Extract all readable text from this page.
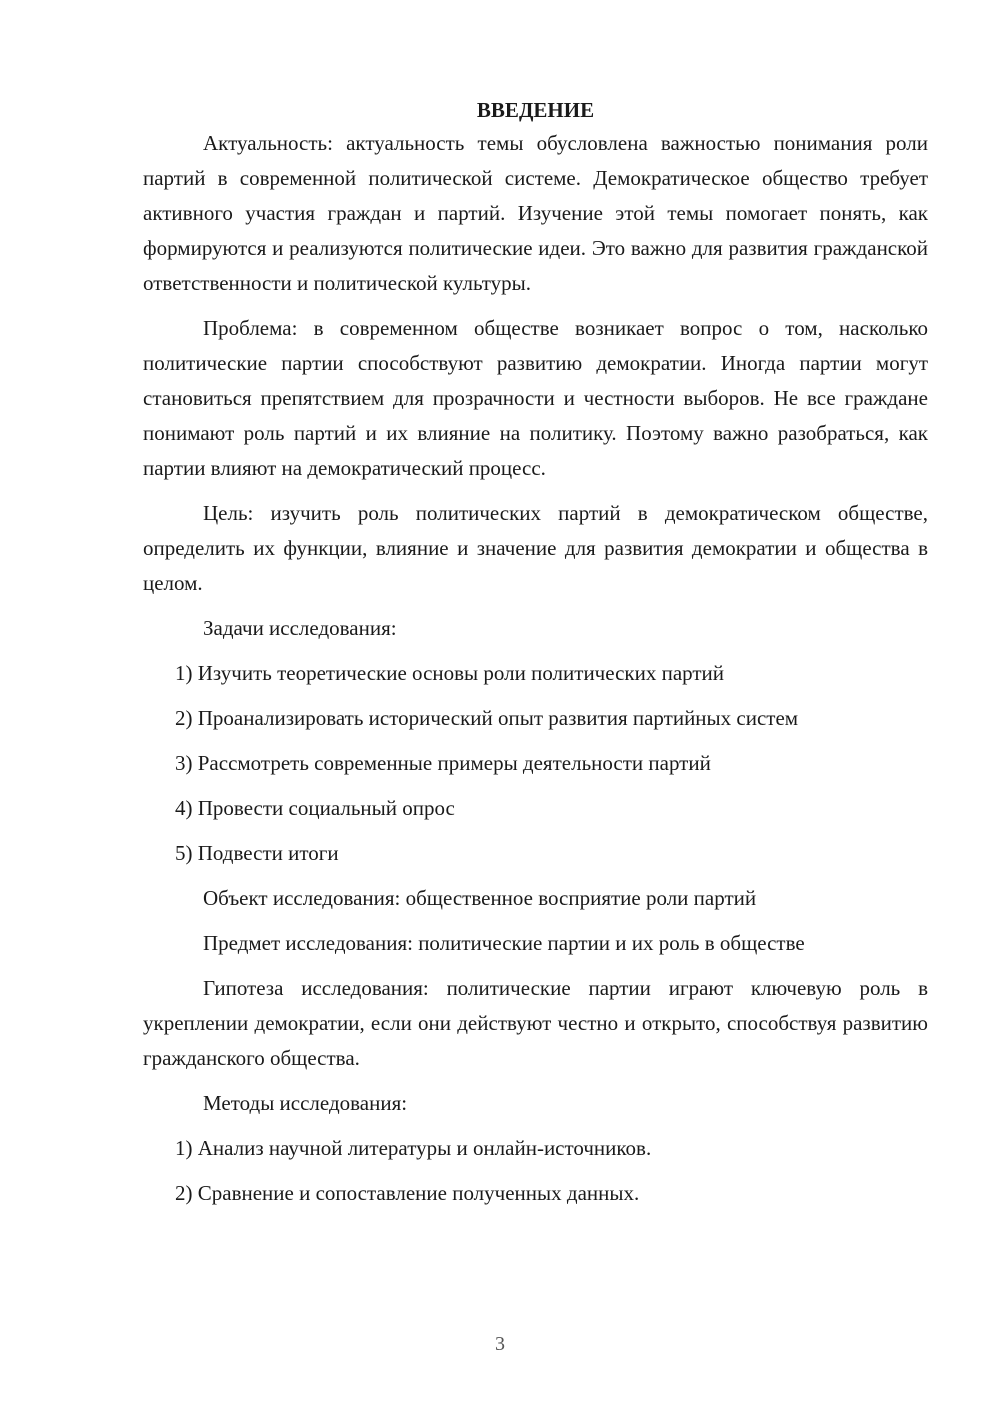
ВВЕДЕНИЕ

Актуальность: актуальность темы обусловлена важностью понимания роли партий в современной политической системе. Демократическое общество требует активного участия граждан и партий. Изучение этой темы помогает понять, как формируются и реализуются политические идеи. Это важно для развития гражданской ответственности и политической культуры.

Проблема: в современном обществе возникает вопрос о том, насколько политические партии способствуют развитию демократии. Иногда партии могут становиться препятствием для прозрачности и честности выборов. Не все граждане понимают роль партий и их влияние на политику. Поэтому важно разобраться, как партии влияют на демократический процесс.

Цель: изучить роль политических партий в демократическом обществе, определить их функции, влияние и значение для развития демократии и общества в целом.

Задачи исследования:

1) Изучить теоретические основы роли политических партий

2) Проанализировать исторический опыт развития партийных систем

3) Рассмотреть современные примеры деятельности партий

4) Провести социальный опрос

5) Подвести итоги

Объект исследования: общественное восприятие роли партий

Предмет исследования: политические партии и их роль в обществе

Гипотеза исследования: политические партии играют ключевую роль в укреплении демократии, если они действуют честно и открыто, способствуя развитию гражданского общества.

Методы исследования:

1) Анализ научной литературы и онлайн-источников.

2) Сравнение и сопоставление полученных данных.

3
